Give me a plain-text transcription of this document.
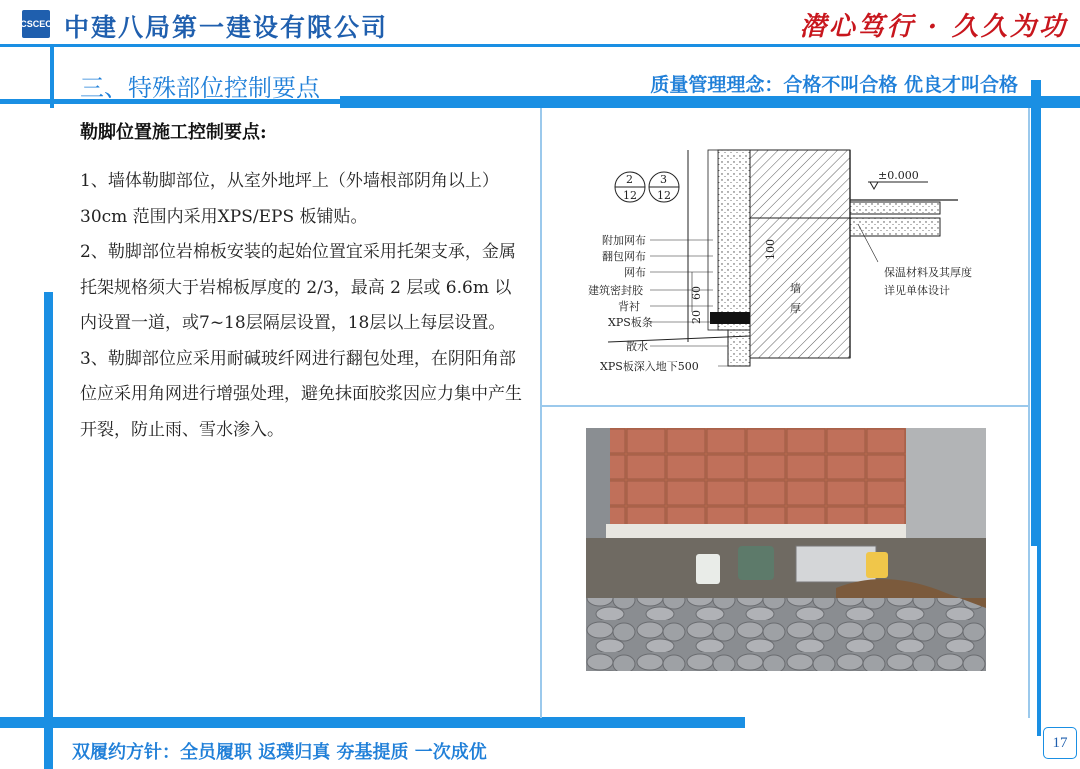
CSCEC 中建八局第一建设有限公司	潜心笃行 · 久久为功
三、特殊部位控制要点	质量管理理念：合格不叫合格 优良才叫合格
勒脚位置施工控制要点:

1、墙体勒脚部位，从室外地坪上（外墙根部阴角以上）30cm 范围内采用XPS/EPS 板铺贴。

2、勒脚部位岩棉板安装的起始位置宜采用托架支承，金属托架规格须大于岩棉板厚度的 2/3，最高 2 层或 6.6m 以内设置一道，或7~18层隔层设置，18层以上每层设置。

3、勒脚部位应采用耐碱玻纤网进行翻包处理，在阴阳角部位应采用角网进行增强处理，避免抹面胶浆因应力集中产生开裂，防止雨、雪水渗入。

2
12
3
12
±0.000
附加网布
翻包网布
网布
建筑密封胶
背衬
XPS板条
散水
XPS板深入地下500
60
20
100
墙
厚
保温材料及其厚度
详见单体设计
双履约方针：全员履职 返璞归真 夯基提质 一次成优	17
